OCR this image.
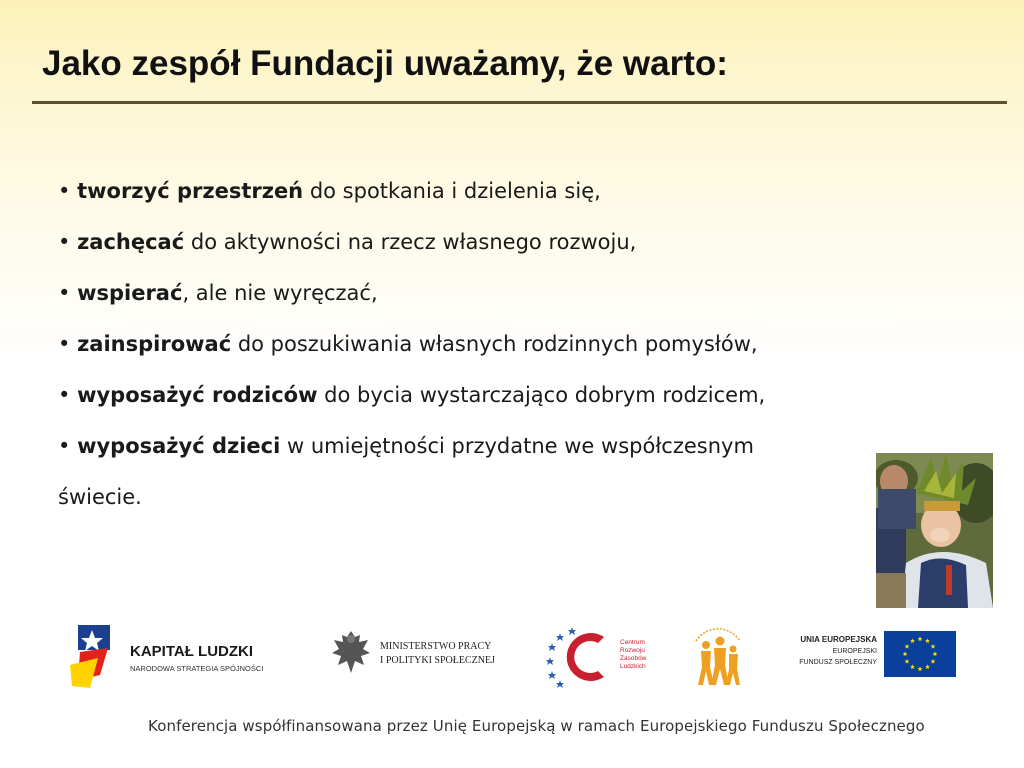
Jako zespół Fundacji uważamy, że warto:
• tworzyć przestrzeń do spotkania i dzielenia się,
• zachęcać do aktywności na rzecz własnego rozwoju,
• wspierać, ale nie wyręczać,
• zainspirować do poszukiwania własnych rodzinnych pomysłów,
• wyposażyć rodziców do bycia wystarczająco dobrym rodzicem,
• wyposażyć dzieci w umiejętności przydatne we współczesnym
świecie.
KAPITAŁ LUDZKI
NARODOWA STRATEGIA SPÓJNOŚCI
MINISTERSTWO PRACY
I POLITYKI SPOŁECZNEJ
Centrum
Rozwoju
Zasobów
Ludzkich
UNIA EUROPEJSKA
EUROPEJSKI
FUNDUSZ SPOŁECZNY
Konferencja współfinansowana przez Unię Europejską w ramach Europejskiego Funduszu Społecznego
